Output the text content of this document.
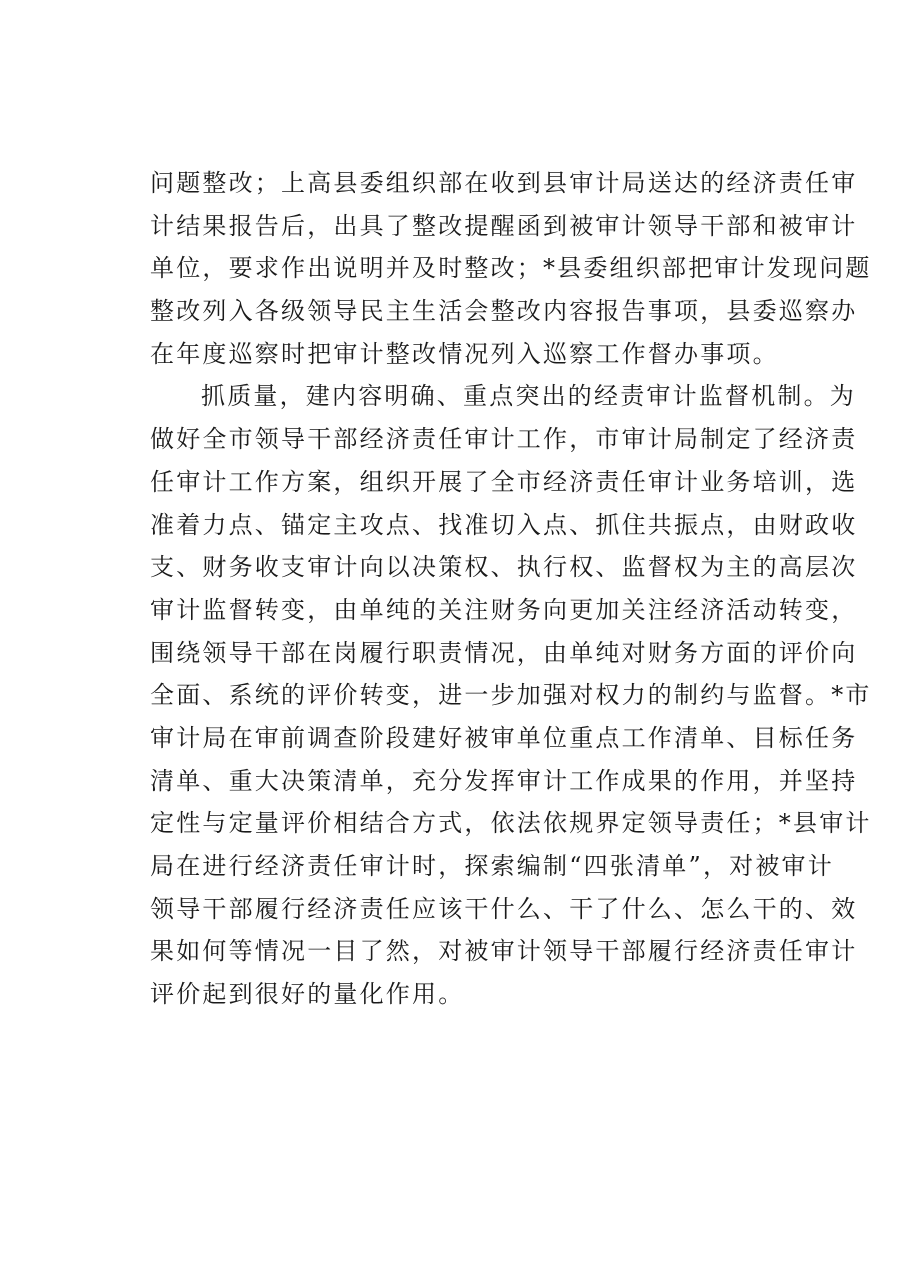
问题整改；上高县委组织部在收到县审计局送达的经济责任审
计结果报告后，出具了整改提醒函到被审计领导干部和被审计
单位，要求作出说明并及时整改；*县委组织部把审计发现问题
整改列入各级领导民主生活会整改内容报告事项，县委巡察办
在年度巡察时把审计整改情况列入巡察工作督办事项。
抓质量，建内容明确、重点突出的经责审计监督机制。为
做好全市领导干部经济责任审计工作，市审计局制定了经济责
任审计工作方案，组织开展了全市经济责任审计业务培训，选
准着力点、锚定主攻点、找准切入点、抓住共振点，由财政收
支、财务收支审计向以决策权、执行权、监督权为主的高层次
审计监督转变，由单纯的关注财务向更加关注经济活动转变，
围绕领导干部在岗履行职责情况，由单纯对财务方面的评价向
全面、系统的评价转变，进一步加强对权力的制约与监督。*市
审计局在审前调查阶段建好被审单位重点工作清单、目标任务
清单、重大决策清单，充分发挥审计工作成果的作用，并坚持
定性与定量评价相结合方式，依法依规界定领导责任；*县审计
局在进行经济责任审计时，探索编制“四张清单”，对被审计
领导干部履行经济责任应该干什么、干了什么、怎么干的、效
果如何等情况一目了然，对被审计领导干部履行经济责任审计
评价起到很好的量化作用。
